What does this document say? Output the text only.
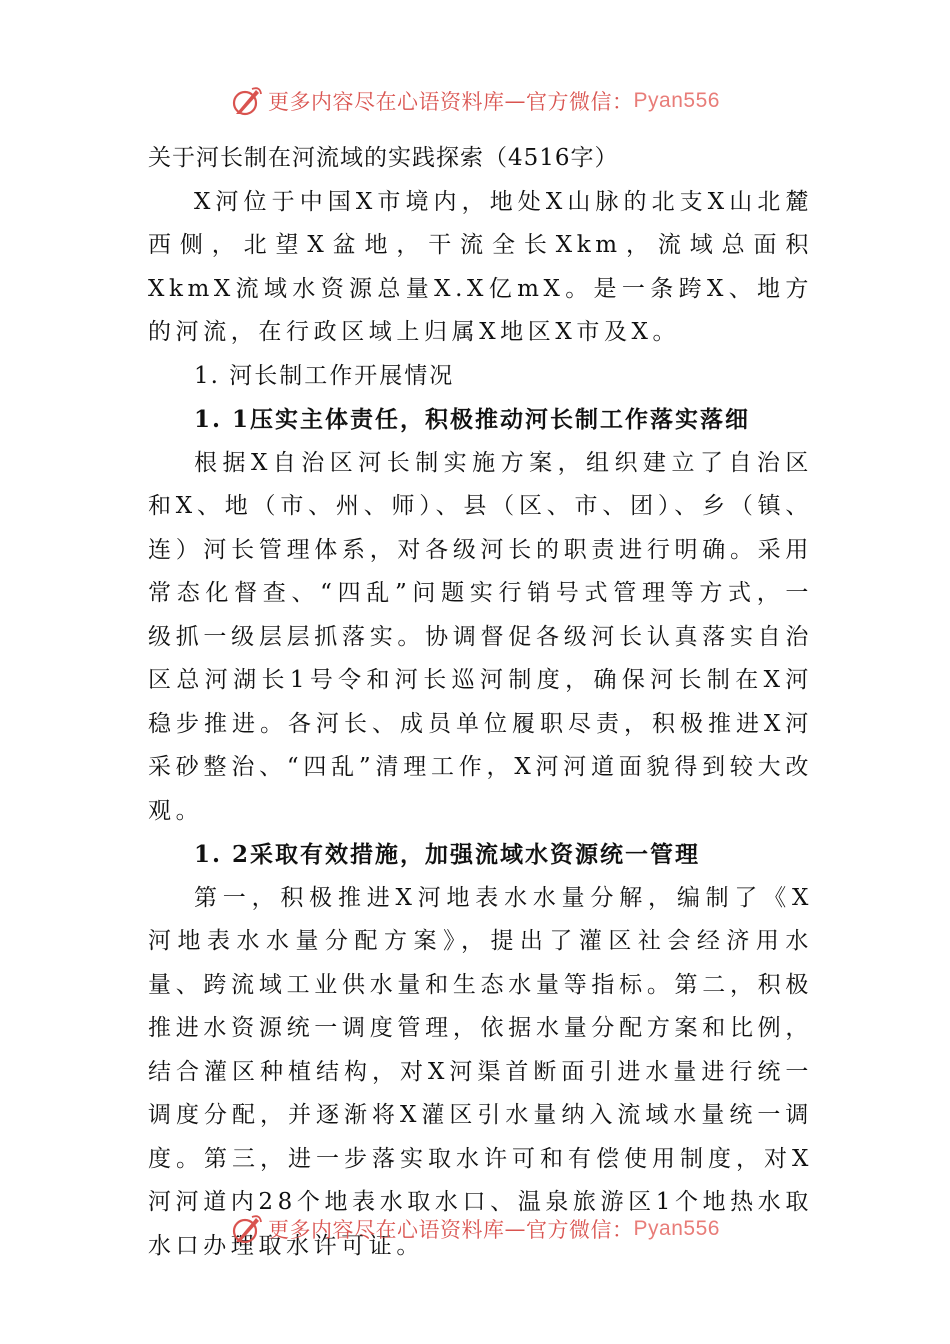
更多内容尽在心语资料库 — 官方微信： Pyan556

关于河长制在河流域的实践探索（4516字）

X河位于中国X市境内，地处X山脉的北支X山北麓西侧，北望X盆地，干流全长Xkm，流域总面积XkmX流域水资源总量X.X亿mX。是一条跨X、地方的河流，在行政区域上归属X地区X市及X。

1. 河长制工作开展情况

1. 1压实主体责任，积极推动河长制工作落实落细

根据X自治区河长制实施方案，组织建立了自治区和X、地（市、州、师）、县（区、市、团）、乡（镇、连）河长管理体系，对各级河长的职责进行明确。采用常态化督查、“四乱”问题实行销号式管理等方式，一级抓一级层层抓落实。协调督促各级河长认真落实自治区总河湖长1号令和河长巡河制度，确保河长制在X河稳步推进。各河长、成员单位履职尽责，积极推进X河采砂整治、“四乱”清理工作，X河河道面貌得到较大改观。

1. 2采取有效措施，加强流域水资源统一管理

第一，积极推进X河地表水水量分解，编制了《X河地表水水量分配方案》，提出了灌区社会经济用水量、跨流域工业供水量和生态水量等指标。第二，积极推进水资源统一调度管理，依据水量分配方案和比例，结合灌区种植结构，对X河渠首断面引进水量进行统一调度分配，并逐渐将X灌区引水量纳入流域水量统一调度。第三，进一步落实取水许可和有偿使用制度，对X河河道内28个地表水取水口、温泉旅游区1个地热水取水口办理取水许可证。

更多内容尽在心语资料库 — 官方微信： Pyan556
